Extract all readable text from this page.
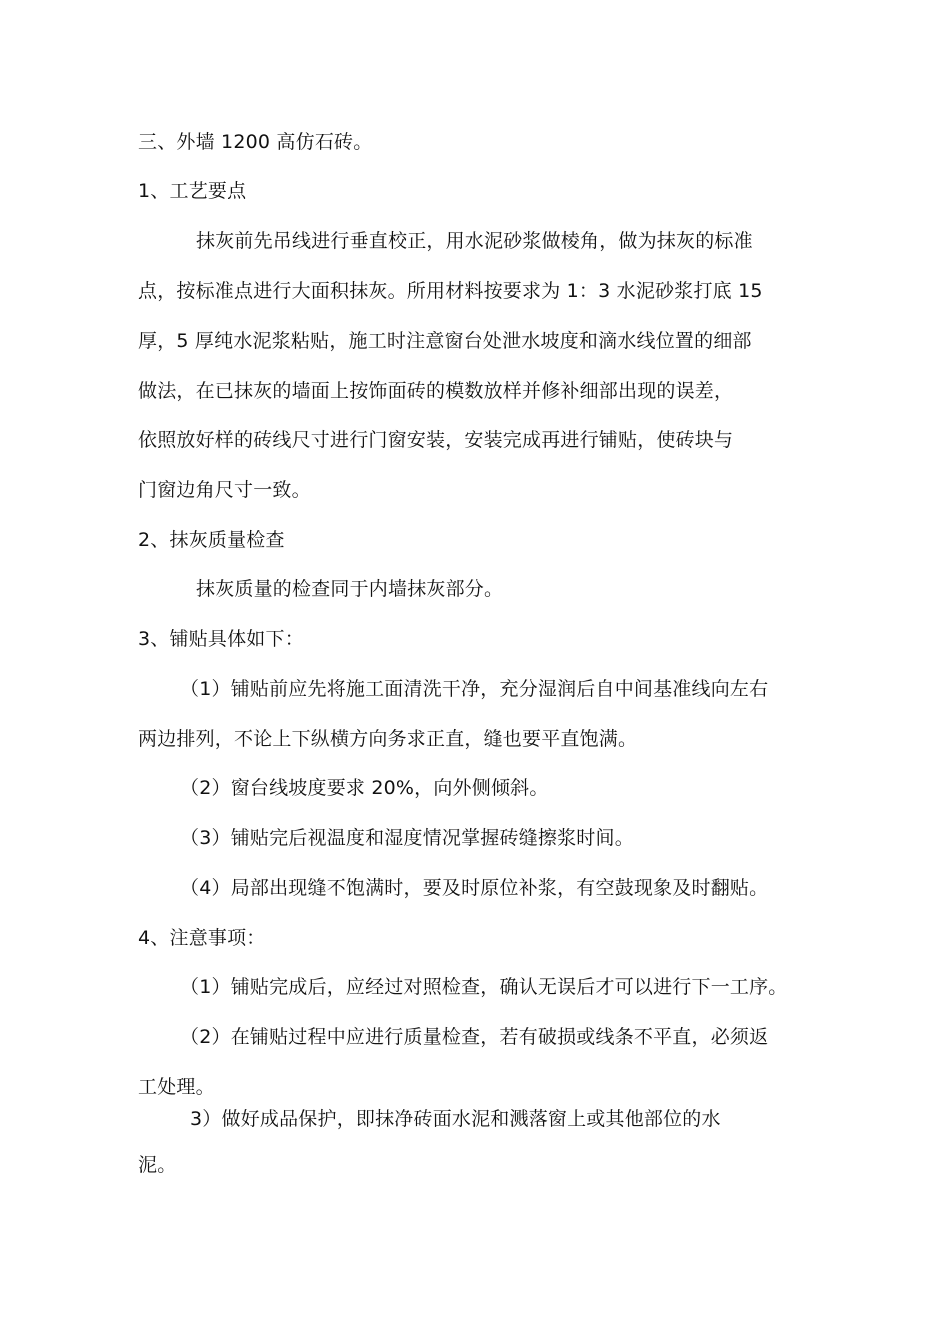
三、外墙 1200 高仿石砖。
1、工艺要点
抹灰前先吊线进行垂直校正，用水泥砂浆做棱角，做为抹灰的标准
点，按标准点进行大面积抹灰。所用材料按要求为 1：3 水泥砂浆打底 15
厚，5 厚纯水泥浆粘贴，施工时注意窗台处泄水坡度和滴水线位置的细部
做法，在已抹灰的墙面上按饰面砖的模数放样并修补细部出现的误差，
依照放好样的砖线尺寸进行门窗安装，安装完成再进行铺贴，使砖块与
门窗边角尺寸一致。
2、抹灰质量检查
抹灰质量的检查同于内墙抹灰部分。
3、铺贴具体如下：
（1）铺贴前应先将施工面清洗干净，充分湿润后自中间基准线向左右
两边排列，不论上下纵横方向务求正直，缝也要平直饱满。
（2）窗台线坡度要求 20%，向外侧倾斜。
（3）铺贴完后视温度和湿度情况掌握砖缝擦浆时间。
（4）局部出现缝不饱满时，要及时原位补浆，有空鼓现象及时翻贴。
4、注意事项：
（1）铺贴完成后，应经过对照检查，确认无误后才可以进行下一工序。
（2）在铺贴过程中应进行质量检查，若有破损或线条不平直，必须返
工处理。
3）做好成品保护，即抹净砖面水泥和溅落窗上或其他部位的水
泥。
